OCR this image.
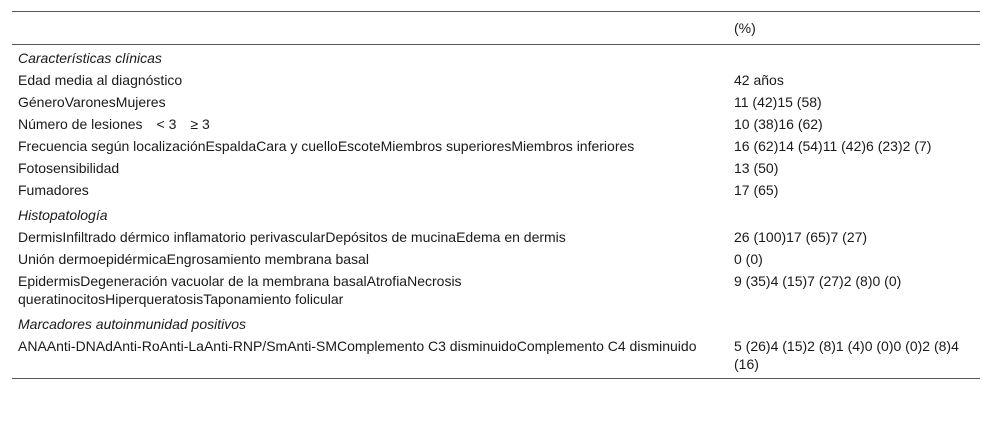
	(%)
Características clínicas	
Edad media al diagnóstico	42 años
GéneroVaronesMujeres	11 (42)15 (58)
Número de lesiones < 3 ≥ 3	10 (38)16 (62)
Frecuencia según localizaciónEspaldaCara y cuelloEscoteMiembros superioresMiembros inferiores	16 (62)14 (54)11 (42)6 (23)2 (7)
Fotosensibilidad	13 (50)
Fumadores	17 (65)
Histopatología	
DermisInfiltrado dérmico inflamatorio perivascularDepósitos de mucinaEdema en dermis	26 (100)17 (65)7 (27)
Unión dermoepidérmicaEngrosamiento membrana basal	0 (0)
EpidermisDegeneración vacuolar de la membrana basalAtrofiaNecrosis queratinocitosHiperqueratosisTaponamiento folicular	9 (35)4 (15)7 (27)2 (8)0 (0)
Marcadores autoinmunidad positivos	
ANAAnti-DNAdAnti-RoAnti-LaAnti-RNP/SmAnti-SMComplemento C3 disminuidoComplemento C4 disminuido	5 (26)4 (15)2 (8)1 (4)0 (0)0 (0)2 (8)4 (16)
